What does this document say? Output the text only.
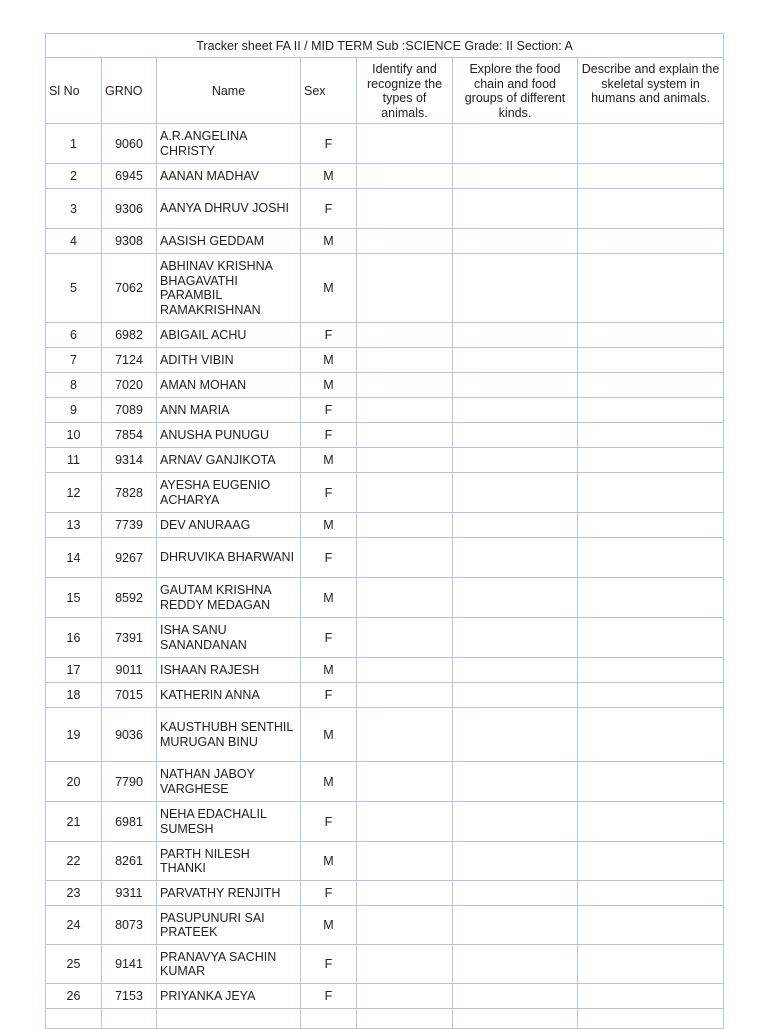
Tracker sheet FA II / MID TERM Sub :SCIENCE Grade: II Section: A						
Sl No	GRNO	Name	Sex	Identify and recognize the types of animals.	Explore the food chain and food groups of different kinds.	Describe and explain the skeletal system in humans and animals.
1	9060	A.R.ANGELINA CHRISTY	F			
2	6945	AANAN MADHAV	M			
3	9306	AANYA DHRUV JOSHI	F			
4	9308	AASISH GEDDAM	M			
5	7062	ABHINAV KRISHNA BHAGAVATHI PARAMBIL RAMAKRISHNAN	M			
6	6982	ABIGAIL ACHU	F			
7	7124	ADITH VIBIN	M			
8	7020	AMAN MOHAN	M			
9	7089	ANN MARIA	F			
10	7854	ANUSHA PUNUGU	F			
11	9314	ARNAV GANJIKOTA	M			
12	7828	AYESHA EUGENIO ACHARYA	F			
13	7739	DEV ANURAAG	M			
14	9267	DHRUVIKA BHARWANI	F			
15	8592	GAUTAM KRISHNA REDDY MEDAGAN	M			
16	7391	ISHA SANU SANANDANAN	F			
17	9011	ISHAAN RAJESH	M			
18	7015	KATHERIN ANNA	F			
19	9036	KAUSTHUBH SENTHIL MURUGAN BINU	M			
20	7790	NATHAN JABOY VARGHESE	M			
21	6981	NEHA EDACHALIL SUMESH	F			
22	8261	PARTH NILESH THANKI	M			
23	9311	PARVATHY RENJITH	F			
24	8073	PASUPUNURI SAI PRATEEK	M			
25	9141	PRANAVYA SACHIN KUMAR	F			
26	7153	PRIYANKA JEYA	F			
